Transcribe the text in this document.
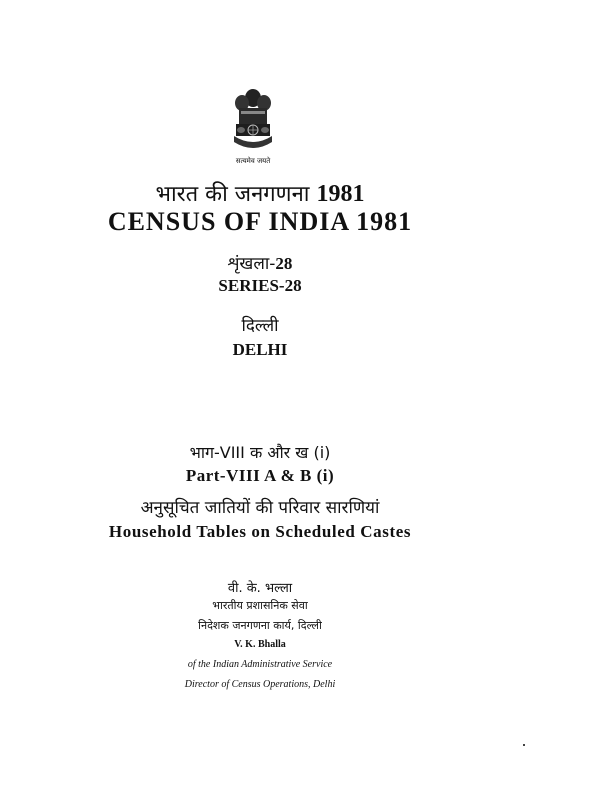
सत्यमेव जयते
भारत की जनगणना 1981
CENSUS OF INDIA 1981
शृंखला-28
SERIES-28
दिल्ली
DELHI
भाग-VIII क और ख (i)
Part-VIII A & B (i)
अनुसूचित जातियों की परिवार सारणियां
Household Tables on Scheduled Castes
वी. के. भल्ला
भारतीय प्रशासनिक सेवा
निदेशक जनगणना कार्य, दिल्ली
V. K. Bhalla
of the Indian Administrative Service
Director of Census Operations, Delhi
